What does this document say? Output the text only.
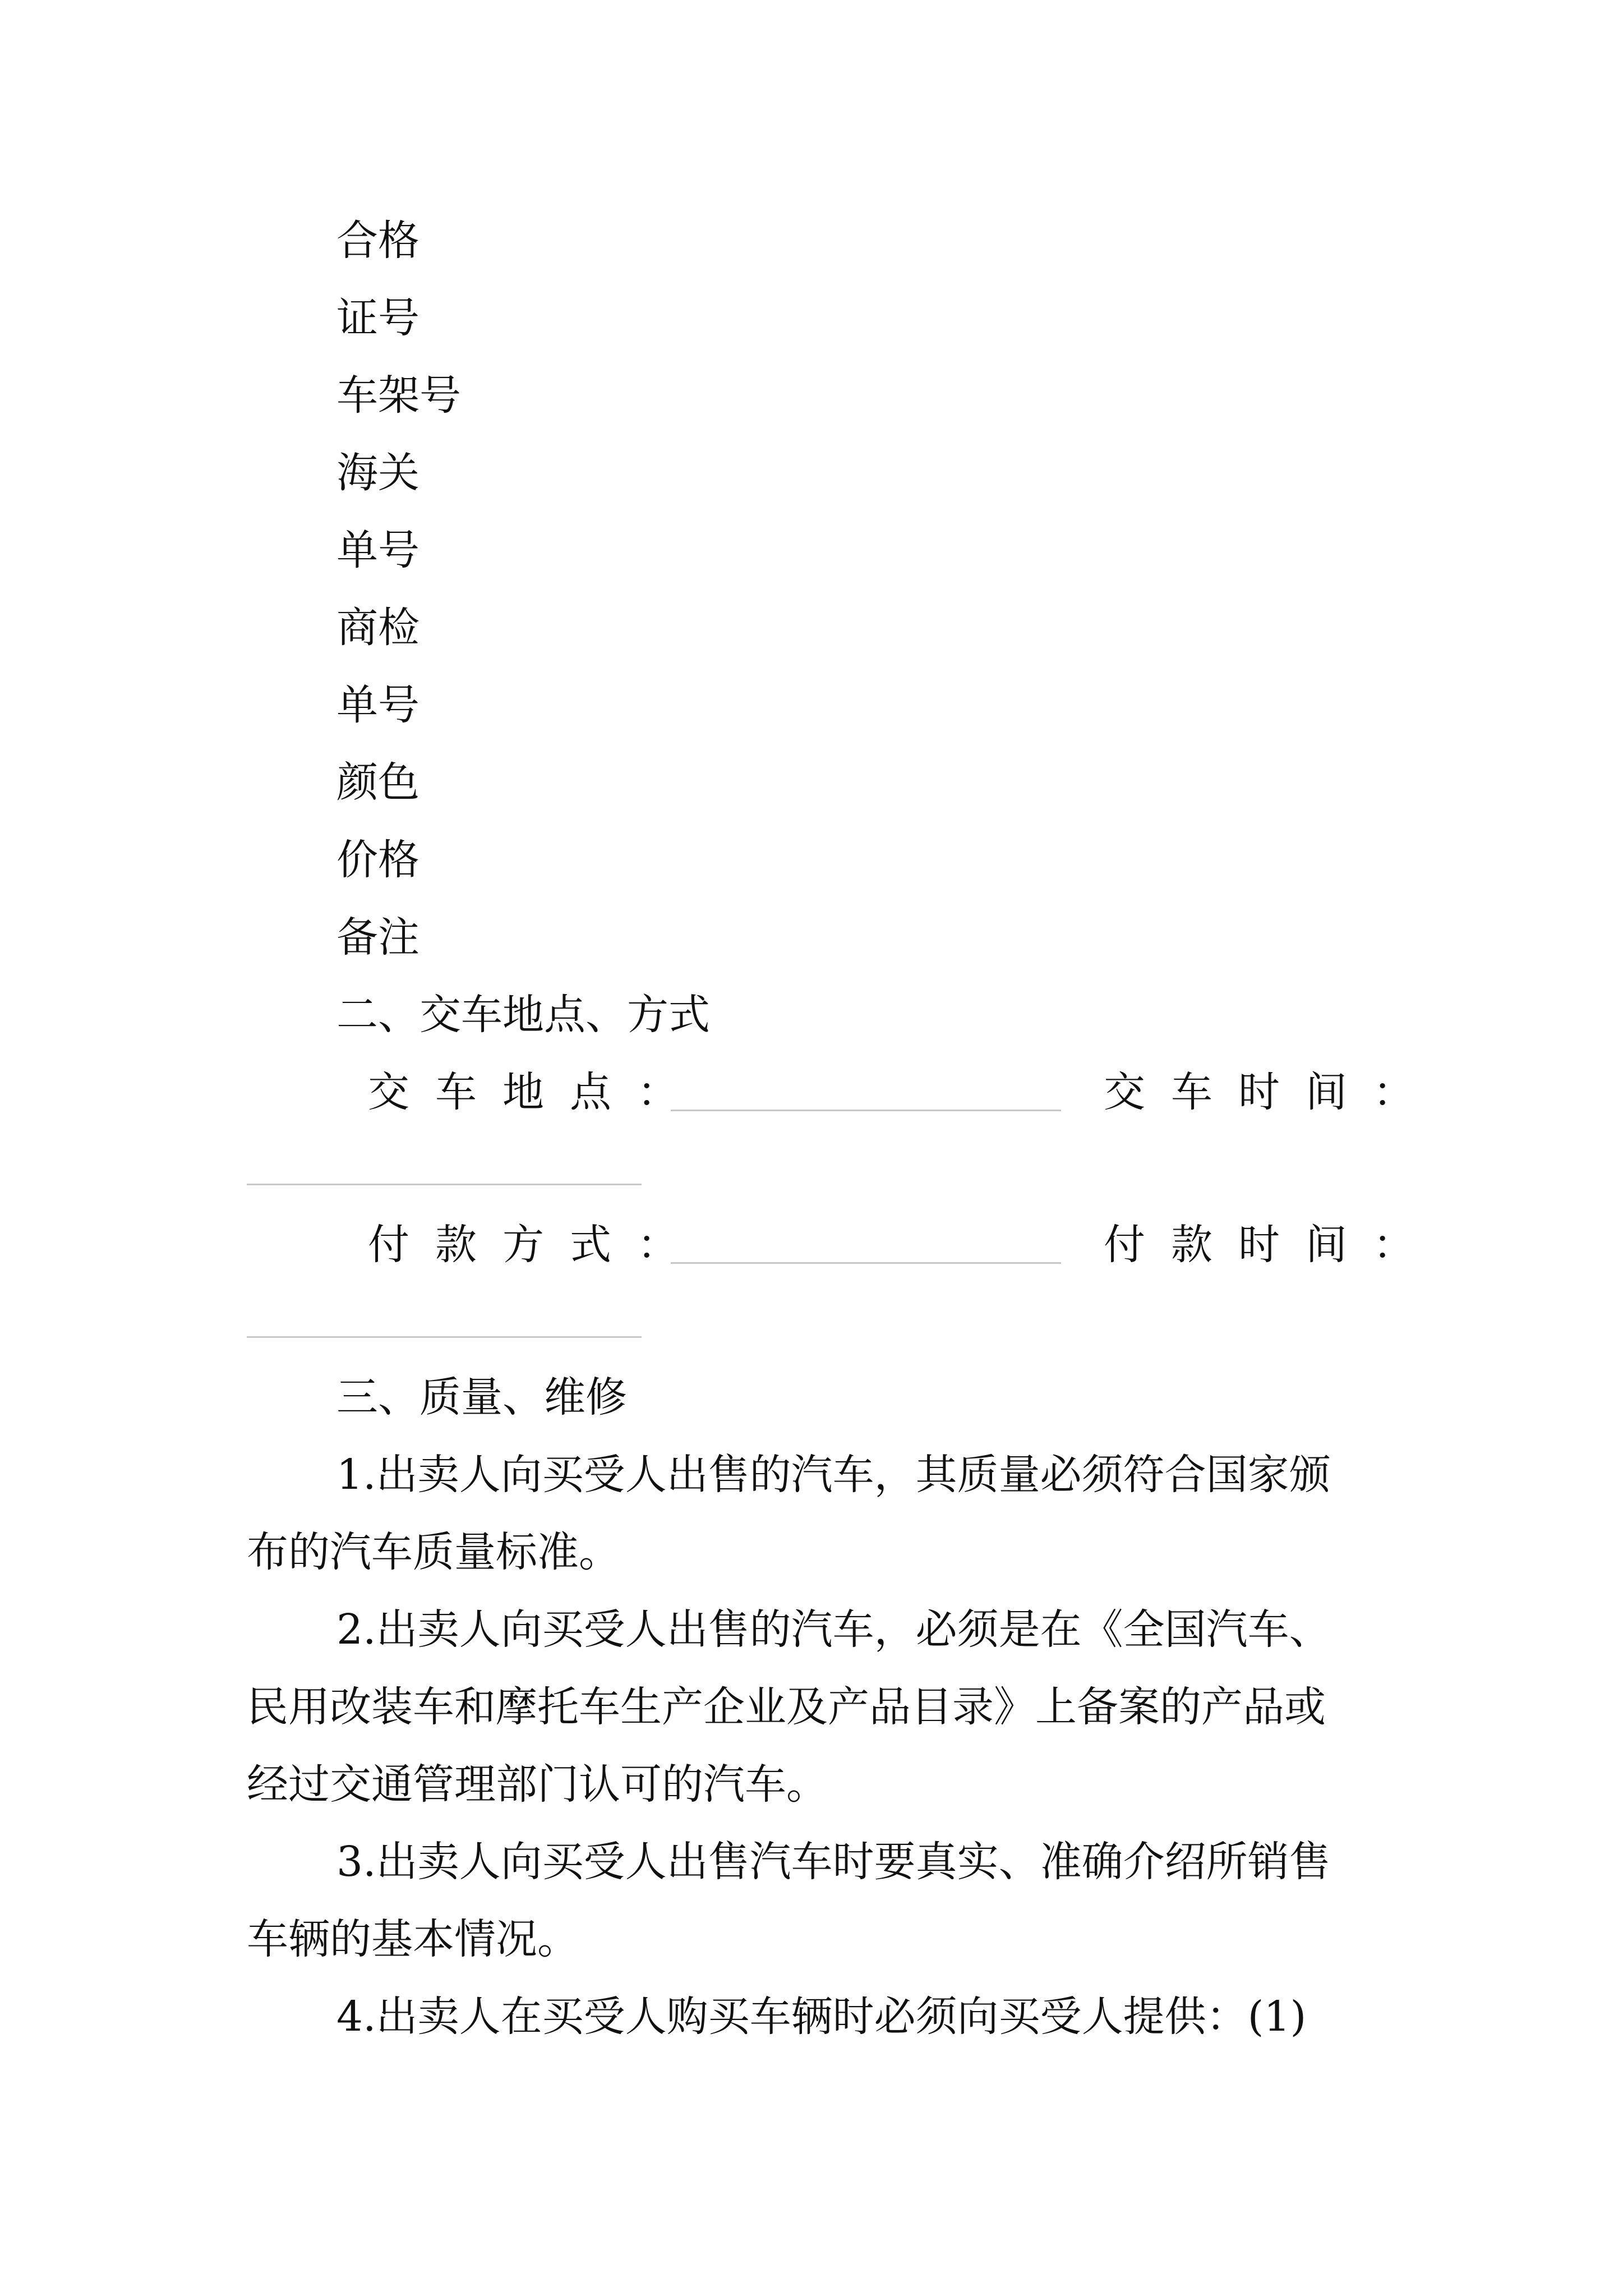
合格
证号
车架号
海关
单号
商检
单号
颜色
价格
备注
二、交车地点、方式
交车地点：	交车时间：
付款方式：	付款时间：
三、质量、维修
1.出卖人向买受人出售的汽车，其质量必须符合国家颁
布的汽车质量标准。
2.出卖人向买受人出售的汽车，必须是在《全国汽车、
民用改装车和摩托车生产企业及产品目录》上备案的产品或
经过交通管理部门认可的汽车。
3.出卖人向买受人出售汽车时要真实、准确介绍所销售
车辆的基本情况。
4.出卖人在买受人购买车辆时必须向买受人提供：(1)
